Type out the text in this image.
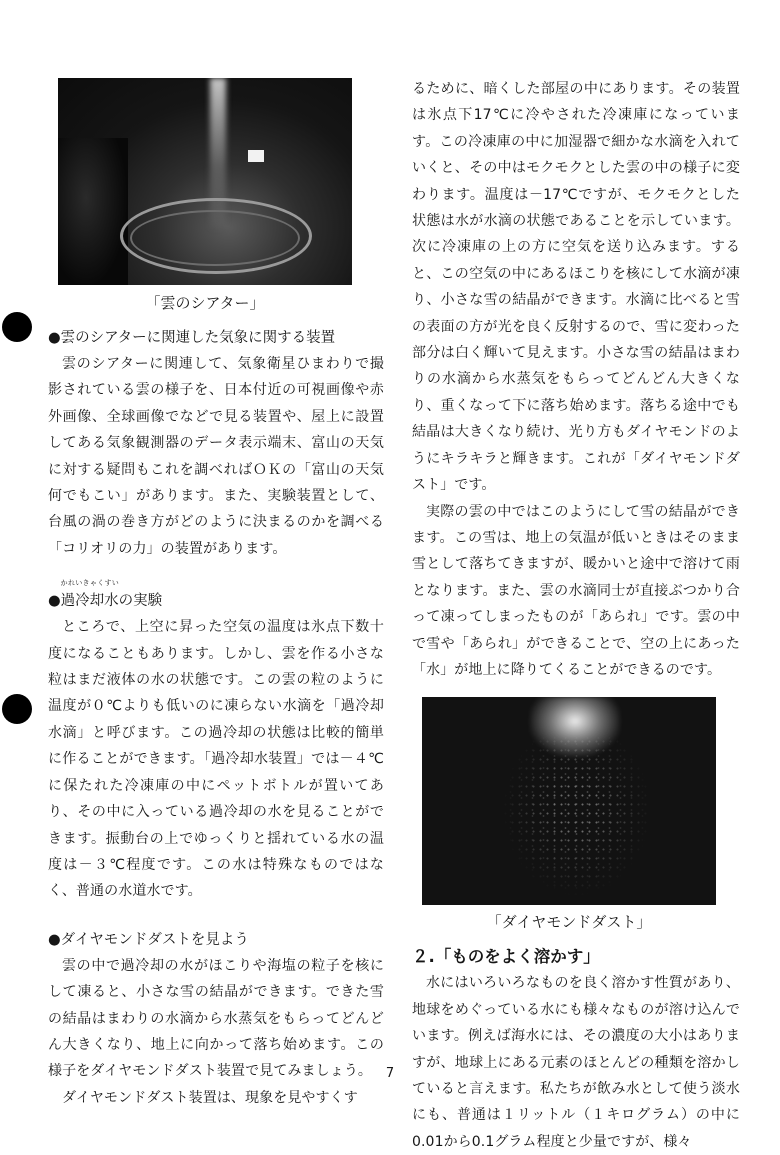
「雲のシアター」
●雲のシアターに関連した気象に関する装置

雲のシアターに関連して、気象衛星ひまわりで撮影されている雲の様子を、日本付近の可視画像や赤外画像、全球画像でなどで見る装置や、屋上に設置してある気象観測器のデータ表示端末、富山の天気に対する疑問もこれを調べればＯＫの「富山の天気何でもこい」があります。また、実験装置として、台風の渦の巻き方がどのように決まるのかを調べる「コリオリの力」の装置があります。

●
かれいきゃくすい
過冷却水の実験

ところで、上空に昇った空気の温度は氷点下数十度になることもあります。しかし、雲を作る小さな粒はまだ液体の水の状態です。この雲の粒のように温度が０℃よりも低いのに凍らない水滴を「過冷却水滴」と呼びます。この過冷却の状態は比較的簡単に作ることができます。「過冷却水装置」では－４℃に保たれた冷凍庫の中にペットボトルが置いてあり、その中に入っている過冷却の水を見ることができます。振動台の上でゆっくりと揺れている水の温度は－３℃程度です。この水は特殊なものではなく、普通の水道水です。

●ダイヤモンドダストを見よう

雲の中で過冷却の水がほこりや海塩の粒子を核にして凍ると、小さな雪の結晶ができます。できた雪の結晶はまわりの水滴から水蒸気をもらってどんどん大きくなり、地上に向かって落ち始めます。この様子をダイヤモンドダスト装置で見てみましょう。

ダイヤモンドダスト装置は、現象を見やすくす

るために、暗くした部屋の中にあります。その装置は氷点下17℃に冷やされた冷凍庫になっています。この冷凍庫の中に加湿器で細かな水滴を入れていくと、その中はモクモクとした雲の中の様子に変わります。温度は－17℃ですが、モクモクとした状態は水が水滴の状態であることを示しています。次に冷凍庫の上の方に空気を送り込みます。すると、この空気の中にあるほこりを核にして水滴が凍り、小さな雪の結晶ができます。水滴に比べると雪の表面の方が光を良く反射するので、雪に変わった部分は白く輝いて見えます。小さな雪の結晶はまわりの水滴から水蒸気をもらってどんどん大きくなり、重くなって下に落ち始めます。落ちる途中でも結晶は大きくなり続け、光り方もダイヤモンドのようにキラキラと輝きます。これが「ダイヤモンドダスト」です。

実際の雲の中ではこのようにして雪の結晶ができます。この雪は、地上の気温が低いときはそのまま雪として落ちてきますが、暖かいと途中で溶けて雨となります。また、雲の水滴同士が直接ぶつかり合って凍ってしまったものが「あられ」です。雲の中で雪や「あられ」ができることで、空の上にあった「水」が地上に降りてくることができるのです。

「ダイヤモンドダスト」
２.「ものをよく溶かす」

水にはいろいろなものを良く溶かす性質があり、地球をめぐっている水にも様々なものが溶け込んでいます。例えば海水には、その濃度の大小はありますが、地球上にある元素のほとんどの種類を溶かしていると言えます。私たちが飲み水として使う淡水にも、普通は１リットル（１キログラム）の中に0.01から0.1グラム程度と少量ですが、様々

7
